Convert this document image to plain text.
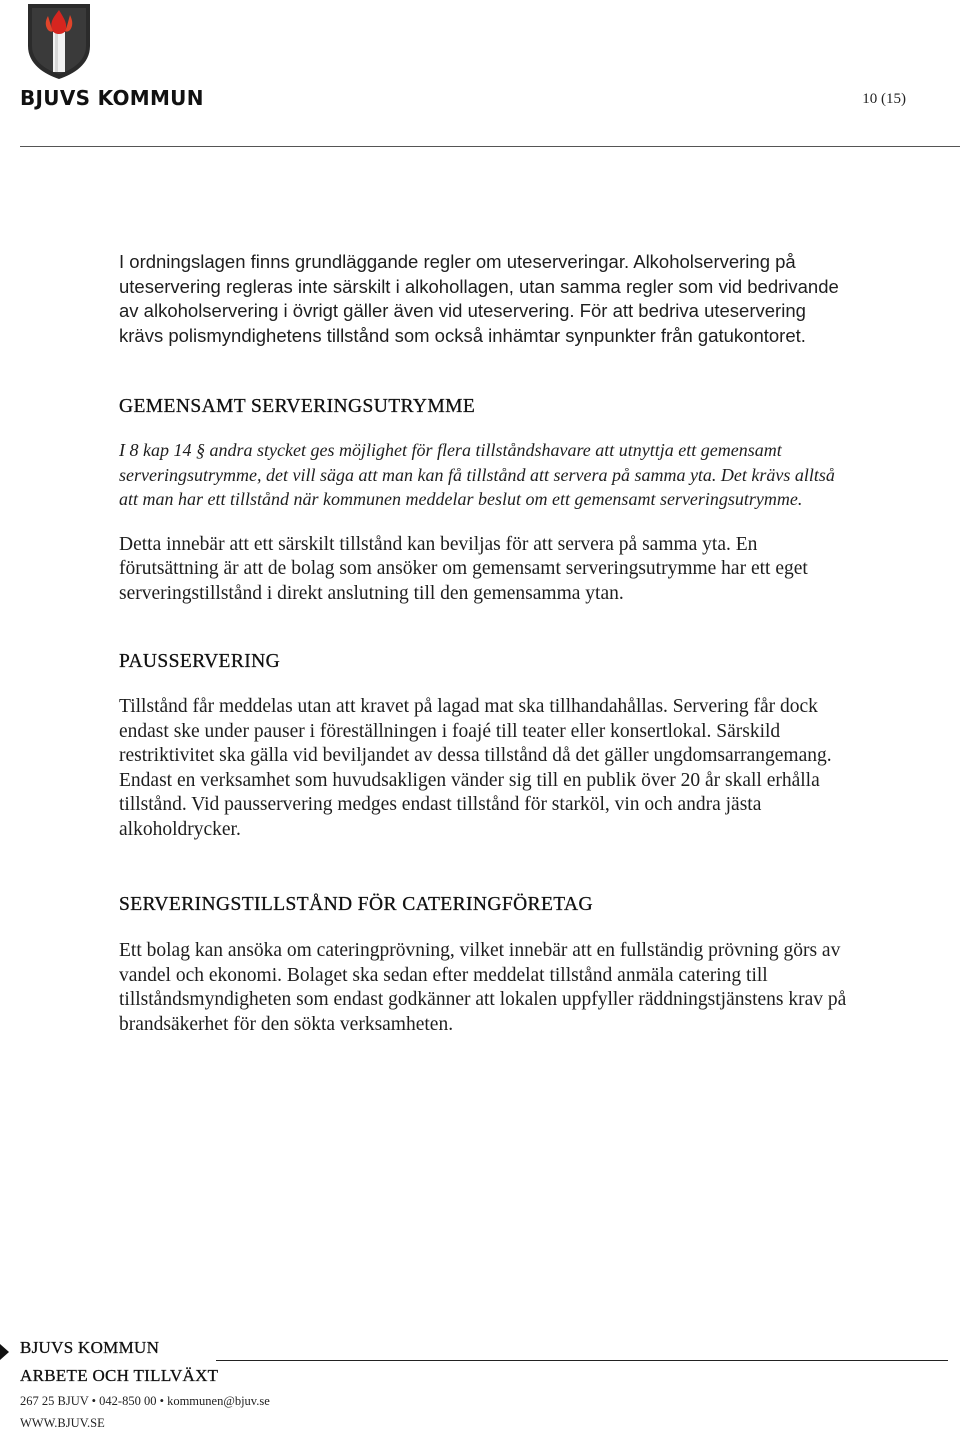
BJUVS KOMMUN	10 (15)

I ordningslagen finns grundläggande regler om uteserveringar. Alkoholservering på uteservering regleras inte särskilt i alkohollagen, utan samma regler som vid bedrivande av alkoholservering i övrigt gäller även vid uteservering. För att bedriva uteservering krävs polismyndighetens tillstånd som också inhämtar synpunkter från gatukontoret.

GEMENSAMT SERVERINGSUTRYMME

I 8 kap 14 § andra stycket ges möjlighet för flera tillståndshavare att utnyttja ett gemensamt serveringsutrymme, det vill säga att man kan få tillstånd att servera på samma yta. Det krävs alltså att man har ett tillstånd när kommunen meddelar beslut om ett gemensamt serveringsutrymme.

Detta innebär att ett särskilt tillstånd kan beviljas för att servera på samma yta. En förutsättning är att de bolag som ansöker om gemensamt serveringsutrymme har ett eget serveringstillstånd i direkt anslutning till den gemensamma ytan.

PAUSSERVERING

Tillstånd får meddelas utan att kravet på lagad mat ska tillhandahållas. Servering får dock endast ske under pauser i föreställningen i foajé till teater eller konsertlokal. Särskild restriktivitet ska gälla vid beviljandet av dessa tillstånd då det gäller ungdomsarrangemang. Endast en verksamhet som huvudsakligen vänder sig till en publik över 20 år skall erhålla tillstånd. Vid pausservering medges endast tillstånd för starköl, vin och andra jästa alkoholdrycker.

SERVERINGSTILLSTÅND FÖR CATERINGFÖRETAG

Ett bolag kan ansöka om cateringprövning, vilket innebär att en fullständig prövning görs av vandel och ekonomi. Bolaget ska sedan efter meddelat tillstånd anmäla catering till tillståndsmyndigheten som endast godkänner att lokalen uppfyller räddningstjänstens krav på brandsäkerhet för den sökta verksamheten.

BJUVS KOMMUN
ARBETE OCH TILLVÄXT
267 25 BJUV • 042-850 00 • kommunen@bjuv.se
WWW.BJUV.SE
